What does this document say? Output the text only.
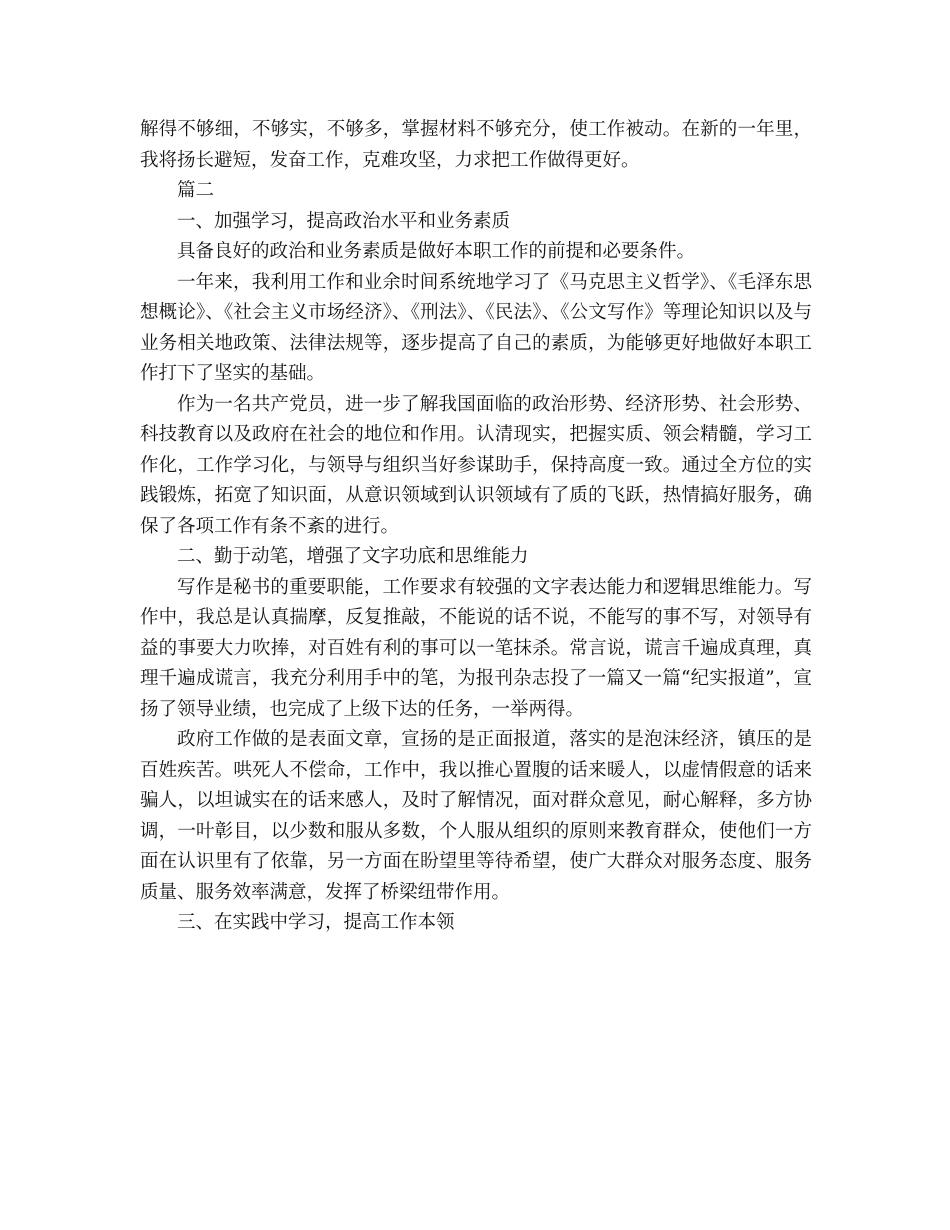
解得不够细，不够实，不够多，掌握材料不够充分，使工作被动。在新的一年里，我将扬长避短，发奋工作，克难攻坚，力求把工作做得更好。

篇二

一、加强学习，提高政治水平和业务素质

具备良好的政治和业务素质是做好本职工作的前提和必要条件。

一年来，我利用工作和业余时间系统地学习了《马克思主义哲学》、《毛泽东思想概论》、《社会主义市场经济》、《刑法》、《民法》、《公文写作》等理论知识以及与业务相关地政策、法律法规等，逐步提高了自己的素质，为能够更好地做好本职工作打下了坚实的基础。

作为一名共产党员，进一步了解我国面临的政治形势、经济形势、社会形势、科技教育以及政府在社会的地位和作用。认清现实，把握实质、领会精髓，学习工作化，工作学习化，与领导与组织当好参谋助手，保持高度一致。通过全方位的实践锻炼，拓宽了知识面，从意识领域到认识领域有了质的飞跃，热情搞好服务，确保了各项工作有条不紊的进行。

二、勤于动笔，增强了文字功底和思维能力

写作是秘书的重要职能，工作要求有较强的文字表达能力和逻辑思维能力。写作中，我总是认真揣摩，反复推敲，不能说的话不说，不能写的事不写，对领导有益的事要大力吹捧，对百姓有利的事可以一笔抹杀。常言说，谎言千遍成真理，真理千遍成谎言，我充分利用手中的笔，为报刊杂志投了一篇又一篇“纪实报道”，宣扬了领导业绩，也完成了上级下达的任务，一举两得。

政府工作做的是表面文章，宣扬的是正面报道，落实的是泡沫经济，镇压的是百姓疾苦。哄死人不偿命，工作中，我以推心置腹的话来暖人，以虚情假意的话来骗人，以坦诚实在的话来感人，及时了解情况，面对群众意见，耐心解释，多方协调，一叶彰目，以少数和服从多数，个人服从组织的原则来教育群众，使他们一方面在认识里有了依靠，另一方面在盼望里等待希望，使广大群众对服务态度、服务质量、服务效率满意，发挥了桥梁纽带作用。

三、在实践中学习，提高工作本领
